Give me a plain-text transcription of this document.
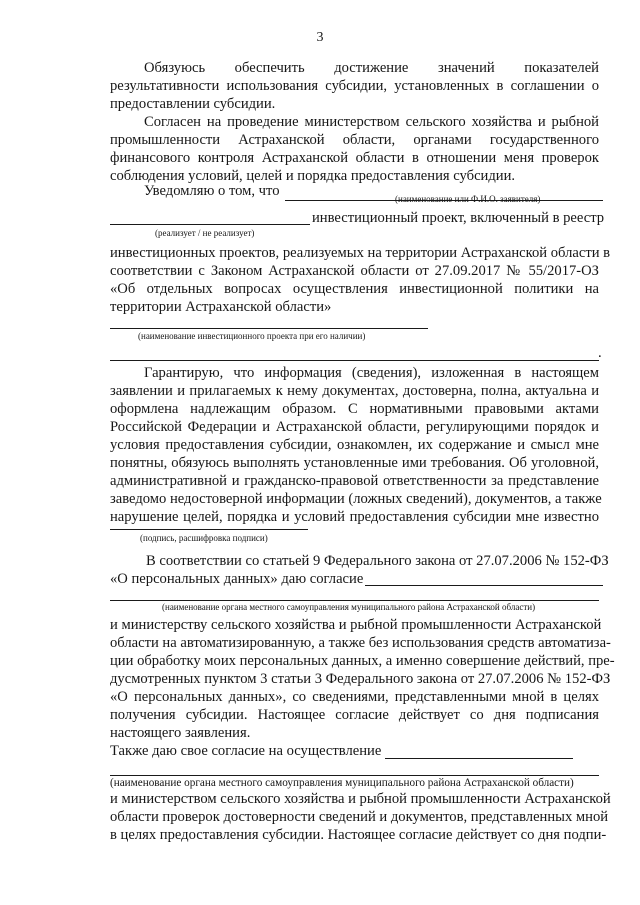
3
Обязуюсь обеспечить достижение значений показателей
результативности использования субсидии, установленных в соглашении о
предоставлении субсидии.
Согласен на проведение министерством сельского хозяйства и рыбной
промышленности Астраханской области, органами государственного
финансового контроля Астраханской области в отношении меня проверок
соблюдения условий, целей и порядка предоставления субсидии.
Уведомляю о том, что	(наименование или Ф.И.О. заявителя)
(реализует / не реализует)
инвестиционный проект, включенный в реестр
инвестиционных проектов, реализуемых на территории Астраханской области в
соответствии с Законом Астраханской области от 27.09.2017 № 55/2017-ОЗ
«Об отдельных вопросах осуществления инвестиционной политики на
территории Астраханской области»
(наименование инвестиционного проекта при его наличии)
.
Гарантирую, что информация (сведения), изложенная в настоящем
заявлении и прилагаемых к нему документах, достоверна, полна, актуальна и
оформлена надлежащим образом. С нормативными правовыми актами
Российской Федерации и Астраханской области, регулирующими порядок и
условия предоставления субсидии, ознакомлен, их содержание и смысл мне
понятны, обязуюсь выполнять установленные ими требования. Об уголовной,
административной и гражданско-правовой ответственности за представление
заведомо недостоверной информации (ложных сведений), документов, а также
нарушение целей, порядка и условий предоставления субсидии мне известно
(подпись, расшифровка подписи)
В соответствии со статьей 9 Федерального закона от 27.07.2006 № 152-ФЗ
«О персональных данных» даю согласие
(наименование органа местного самоуправления муниципального района Астраханской области)
и министерству сельского хозяйства и рыбной промышленности Астраханской
области на автоматизированную, а также без использования средств автоматиза-
ции обработку моих персональных данных, а именно совершение действий, пре-
дусмотренных пунктом 3 статьи 3 Федерального закона от 27.07.2006 № 152-ФЗ
«О персональных данных», со сведениями, представленными мной в целях
получения субсидии. Настоящее согласие действует со дня подписания
настоящего заявления.
Также даю свое согласие на осуществление
(наименование органа местного самоуправления муниципального района Астраханской области)
и министерством сельского хозяйства и рыбной промышленности Астраханской
области проверок достоверности сведений и документов, представленных мной
в целях предоставления субсидии. Настоящее согласие действует со дня подпи-
